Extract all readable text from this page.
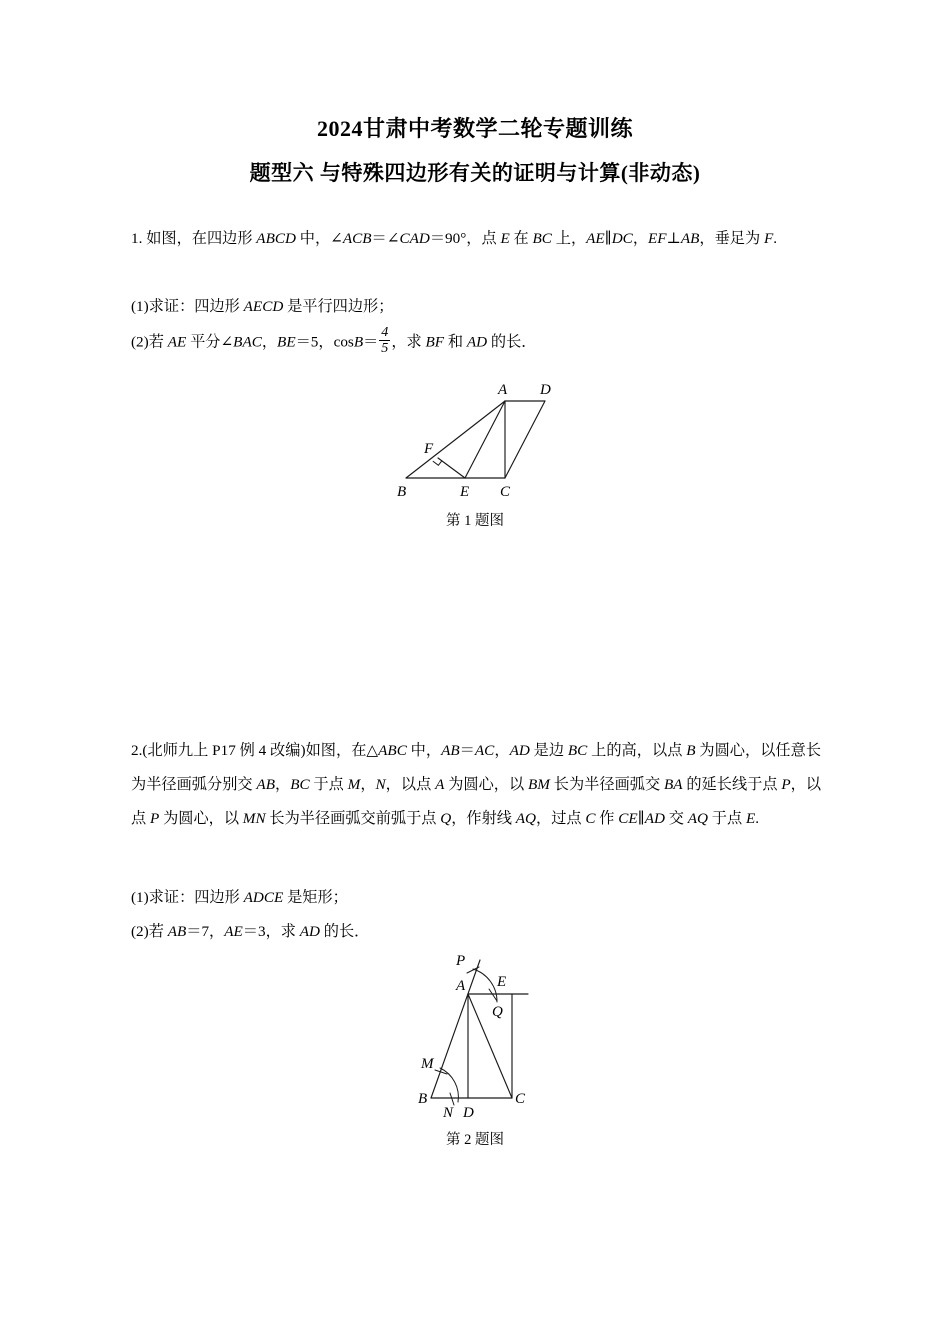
2024甘肃中考数学二轮专题训练
题型六 与特殊四边形有关的证明与计算(非动态)
1. 如图，在四边形 ABCD 中，∠ACB＝∠CAD＝90°，点 E 在 BC 上，AE∥DC，EF⊥AB，垂足为 F.
(1)求证：四边形 AECD 是平行四边形；
(2)若 AE 平分∠BAC，BE＝5，$\cos B= \frac{4}{5}$ ，求 BF 和 AD 的长．
A D
F
B	E C
第 1 题图
2.(北师九上 P17 例 4 改编)如图，在△ABC 中，AB＝AC，AD 是边 BC 上的高，以点 B 为圆心，以任意长为半径画弧分别交 AB，BC 于点 M，N，以点 A 为圆心，以 BM 长为半径画弧交 BA 的延长线于点 P，以点 P 为圆心，以 MN 长为半径画弧交前弧于点 Q，作射线 AQ，过点 C 作 CE∥AD 交 AQ 于点 E.
(1)求证：四边形 ADCE 是矩形；
(2)若 AB＝7，AE＝3，求 AD 的长．
P
E
A
Q
M
B
N D
C
第 2 题图
